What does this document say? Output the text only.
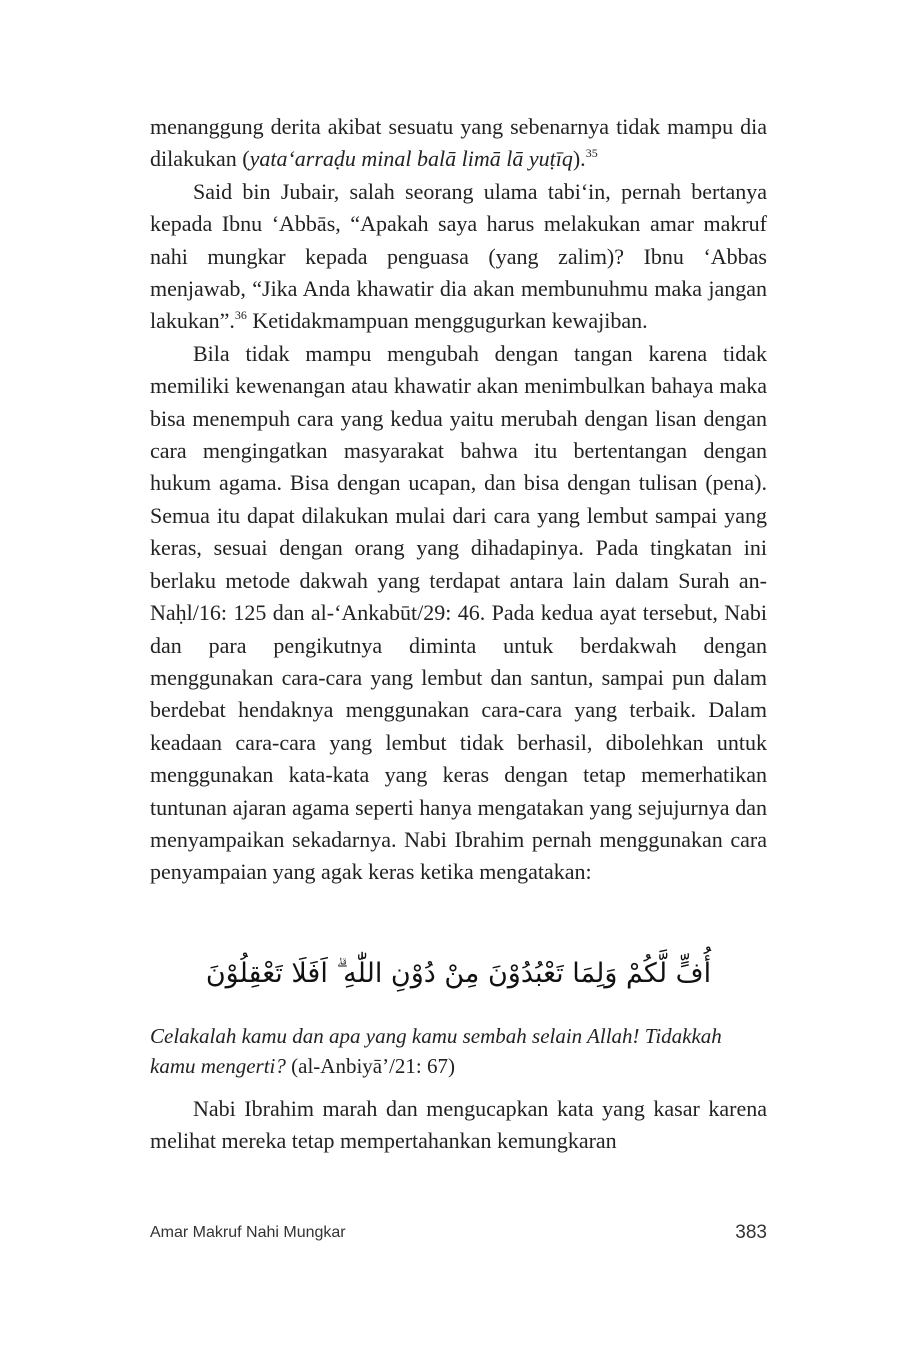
menanggung derita akibat sesuatu yang sebenarnya tidak mampu dia dilakukan (yata‘arraḍu minal balā limā lā yuṭīq).$^{35}$

Said bin Jubair, salah seorang ulama tabi‘in, pernah bertanya kepada Ibnu ‘Abbās, “Apakah saya harus melakukan amar makruf nahi mungkar kepada penguasa (yang zalim)? Ibnu ‘Abbas menjawab, “Jika Anda khawatir dia akan membunuhmu maka jangan lakukan”.$^{36}$ Ketidakmampuan menggugurkan kewajiban.

Bila tidak mampu mengubah dengan tangan karena tidak memiliki kewenangan atau khawatir akan menimbulkan bahaya maka bisa menempuh cara yang kedua yaitu merubah dengan lisan dengan cara mengingatkan masyarakat bahwa itu bertentangan dengan hukum agama. Bisa dengan ucapan, dan bisa dengan tulisan (pena). Semua itu dapat dilakukan mulai dari cara yang lembut sampai yang keras, sesuai dengan orang yang dihadapinya. Pada tingkatan ini berlaku metode dakwah yang terdapat antara lain dalam Surah an-Naḥl/16: 125 dan al-‘Ankabūt/29: 46. Pada kedua ayat tersebut, Nabi dan para pengikutnya diminta untuk berdakwah dengan menggunakan cara-cara yang lembut dan santun, sampai pun dalam berdebat hendaknya menggunakan cara-cara yang terbaik. Dalam keadaan cara-cara yang lembut tidak berhasil, dibolehkan untuk menggunakan kata-kata yang keras dengan tetap memerhatikan tuntunan ajaran agama seperti hanya mengatakan yang sejujurnya dan menyampaikan sekadarnya. Nabi Ibrahim pernah menggunakan cara penyampaian yang agak keras ketika mengatakan:

أُفٍّ لَّكُمْ وَلِمَا تَعْبُدُوْنَ مِنْ دُوْنِ اللّٰهِ ۗ اَفَلَا تَعْقِلُوْنَ
Celakalah kamu dan apa yang kamu sembah selain Allah! Tidakkah kamu mengerti? (al-Anbiyā’/21: 67)
Nabi Ibrahim marah dan mengucapkan kata yang kasar karena melihat mereka tetap mempertahankan kemungkaran
Amar Makruf Nahi Mungkar	383
